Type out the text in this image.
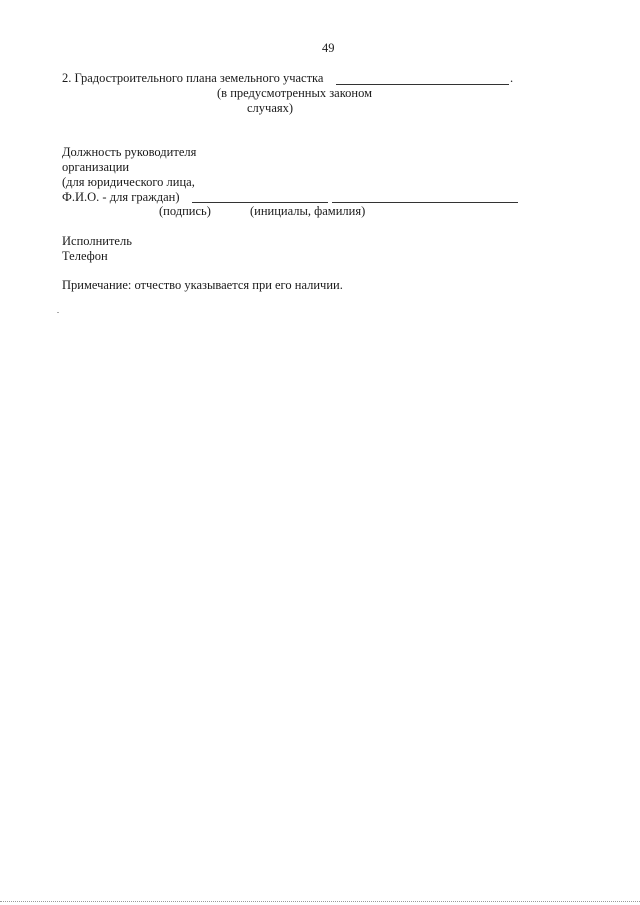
49
2. Градостроительного плана земельного участка	.
(в предусмотренных законом
случаях)
Должность руководителя
организации
(для юридического лица,
Ф.И.О. - для граждан)
(подпись)	(инициалы, фамилия)
Исполнитель
Телефон
Примечание: отчество указывается при его наличии.
.
